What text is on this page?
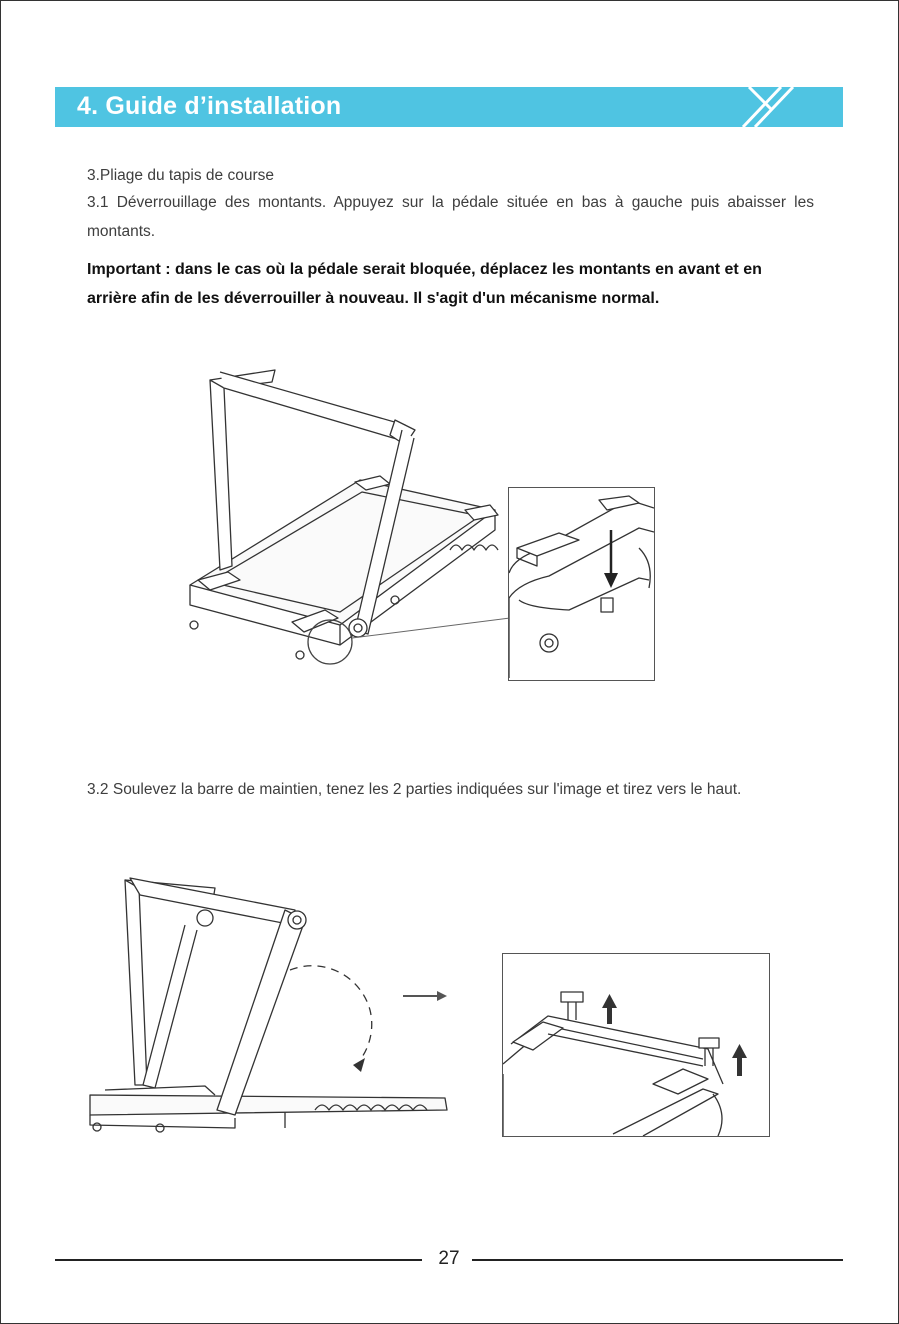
4. Guide d’installation

3.Pliage du tapis de course

3.1 Déverrouillage des montants. Appuyez sur la pédale située en bas à gauche puis abaisser les montants.

Important : dans le cas où la pédale serait bloquée, déplacez les montants en avant et en arrière afin de les déverrouiller à nouveau. Il s'agit d'un mécanisme normal.

3.2 Soulevez la barre de maintien, tenez les 2 parties indiquées sur l'image et tirez vers le haut.

27
